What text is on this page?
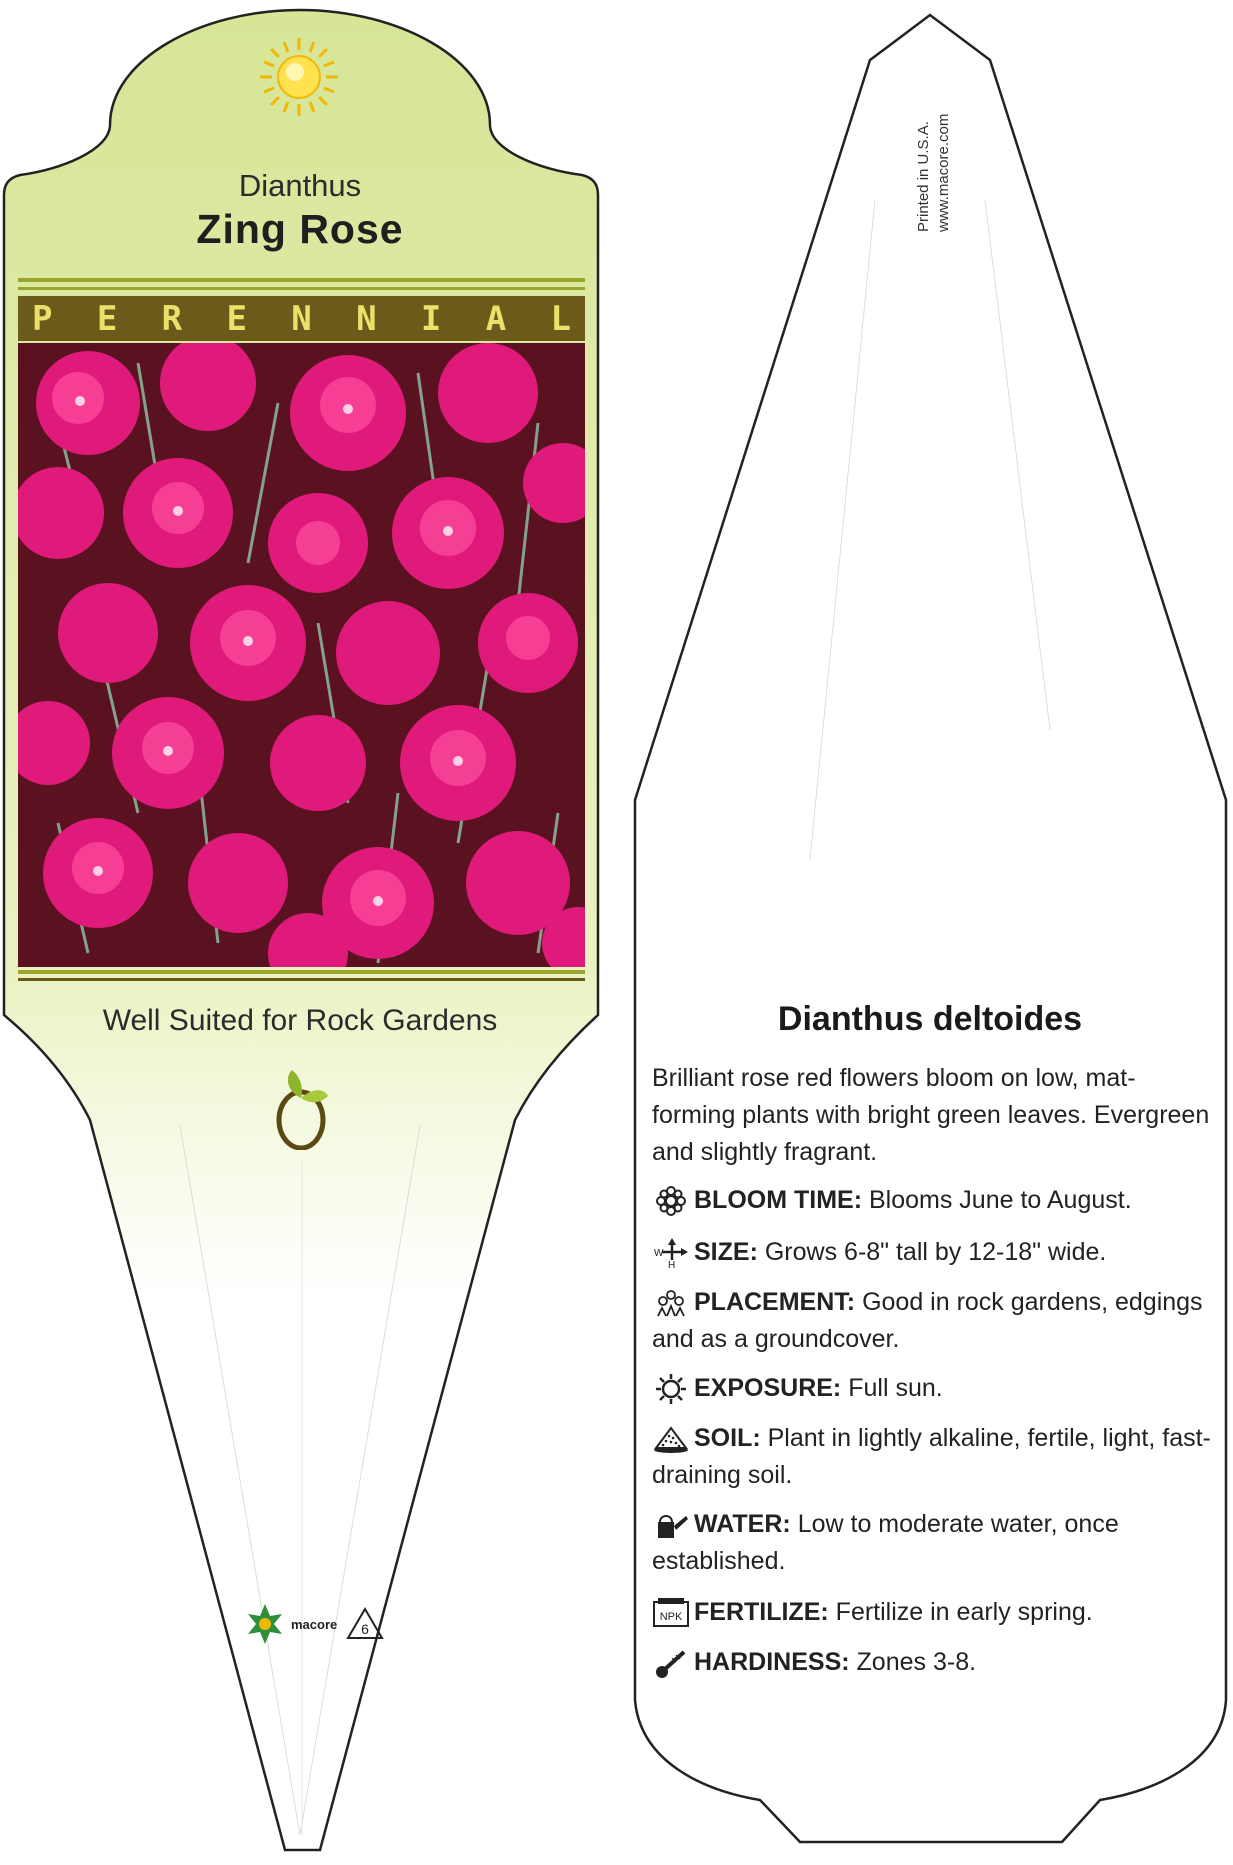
Dianthus
Zing Rose
P E R E N N I A L
Well Suited for Rock Gardens
macore 6
Printed in U.S.A. www.macore.com
Dianthus deltoides
Brilliant rose red flowers bloom on low, mat-forming plants with bright green leaves. Evergreen and slightly fragrant.
BLOOM TIME: Blooms June to August.
W
H SIZE: Grows 6-8" tall by 12-18" wide.
PLACEMENT: Good in rock gardens, edgings and as a groundcover.
EXPOSURE: Full sun.
SOIL: Plant in lightly alkaline, fertile, light, fast-draining soil.
WATER: Low to moderate water, once established.
NPK FERTILIZE: Fertilize in early spring.
HARDINESS: Zones 3-8.
